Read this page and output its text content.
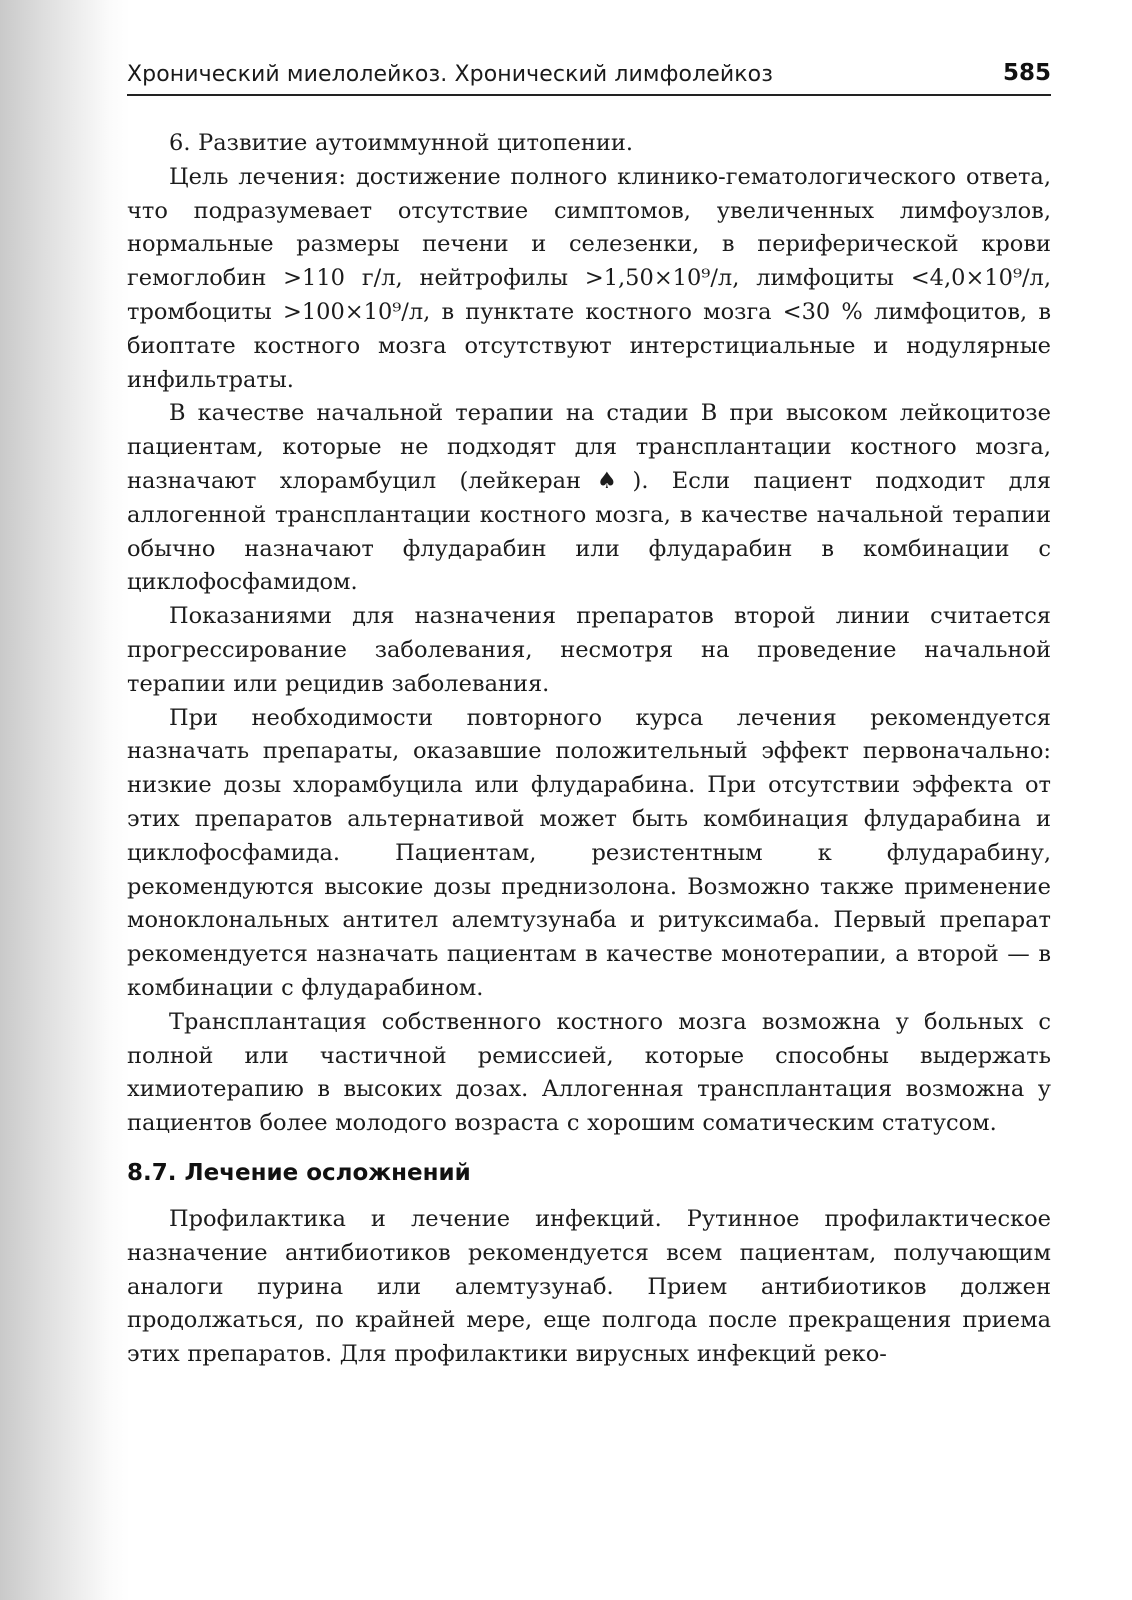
Хронический миелолейкоз. Хронический лимфолейкоз	585

6. Развитие аутоиммунной цитопении.

Цель лечения: достижение полного клинико-гематологического ответа, что подразумевает отсутствие симптомов, увеличенных лимфоузлов, нормальные размеры печени и селезенки, в периферической крови гемоглобин >110 г/л, нейтрофилы >1,50×10⁹/л, лимфоциты <4,0×10⁹/л, тромбоциты >100×10⁹/л, в пунктате костного мозга <30 % лимфоцитов, в биоптате костного мозга отсутствуют интерстициальные и нодулярные инфильтраты.

В качестве начальной терапии на стадии В при высоком лейкоцитозе пациентам, которые не подходят для трансплантации костного мозга, назначают хлорамбуцил (лейкеран♠). Если пациент подходит для аллогенной трансплантации костного мозга, в качестве начальной терапии обычно назначают флударабин или флударабин в комбинации с циклофосфамидом.

Показаниями для назначения препаратов второй линии считается прогрессирование заболевания, несмотря на проведение начальной терапии или рецидив заболевания.

При необходимости повторного курса лечения рекомендуется назначать препараты, оказавшие положительный эффект первоначально: низкие дозы хлорамбуцила или флударабина. При отсутствии эффекта от этих препаратов альтернативой может быть комбинация флударабина и циклофосфамида. Пациентам, резистентным к флударабину, рекомендуются высокие дозы преднизолона. Возможно также применение моноклональных антител алемтузунаба и ритуксимаба. Первый препарат рекомендуется назначать пациентам в качестве монотерапии, а второй — в комбинации с флударабином.

Трансплантация собственного костного мозга возможна у больных с полной или частичной ремиссией, которые способны выдержать химиотерапию в высоких дозах. Аллогенная трансплантация возможна у пациентов более молодого возраста с хорошим соматическим статусом.

8.7. Лечение осложнений

Профилактика и лечение инфекций. Рутинное профилактическое назначение антибиотиков рекомендуется всем пациентам, получающим аналоги пурина или алемтузунаб. Прием антибиотиков должен продолжаться, по крайней мере, еще полгода после прекращения приема этих препаратов. Для профилактики вирусных инфекций реко-
